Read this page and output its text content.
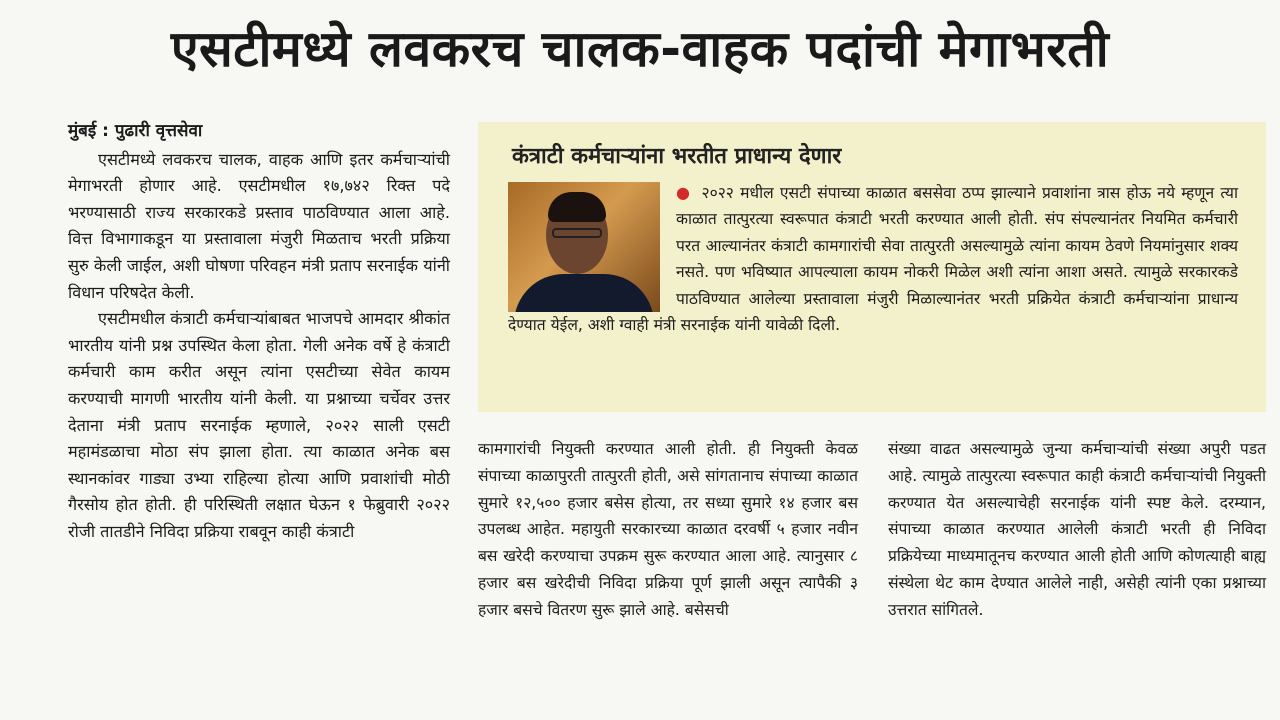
एसटीमध्ये लवकरच चालक-वाहक पदांची मेगाभरती
मुंबई : पुढारी वृत्तसेवा

एसटीमध्ये लवकरच चालक, वाहक आणि इतर कर्मचाऱ्यांची मेगाभरती होणार आहे. एसटीमधील १७,७४२ रिक्त पदे भरण्यासाठी राज्य सरकारकडे प्रस्ताव पाठविण्यात आला आहे. वित्त विभागाकडून या प्रस्तावाला मंजुरी मिळताच भरती प्रक्रिया सुरु केली जाईल, अशी घोषणा परिवहन मंत्री प्रताप सरनाईक यांनी विधान परिषदेत केली.

एसटीमधील कंत्राटी कर्मचाऱ्यांबाबत भाजपचे आमदार श्रीकांत भारतीय यांनी प्रश्न उपस्थित केला होता. गेली अनेक वर्षे हे कंत्राटी कर्मचारी काम करीत असून त्यांना एसटीच्या सेवेत कायम करण्याची मागणी भारतीय यांनी केली. या प्रश्नाच्या चर्चेवर उत्तर देताना मंत्री प्रताप सरनाईक म्हणाले, २०२२ साली एसटी महामंडळाचा मोठा संप झाला होता. त्या काळात अनेक बस स्थानकांवर गाड्या उभ्या राहिल्या होत्या आणि प्रवाशांची मोठी गैरसोय होत होती. ही परिस्थिती लक्षात घेऊन १ फेब्रुवारी २०२२ रोजी तातडीने निविदा प्रक्रिया राबवून काही कंत्राटी

कंत्राटी कर्मचाऱ्यांना भरतीत प्राधान्य देणार
● २०२२ मधील एसटी संपाच्या काळात बससेवा ठप्प झाल्याने प्रवाशांना त्रास होऊ नये म्हणून त्या काळात तात्पुरत्या स्वरूपात कंत्राटी भरती करण्यात आली होती. संप संपल्यानंतर नियमित कर्मचारी परत आल्यानंतर कंत्राटी कामगारांची सेवा तात्पुरती असल्यामुळे त्यांना कायम ठेवणे नियमांनुसार शक्य नसते. पण भविष्यात आपल्याला कायम नोकरी मिळेल अशी त्यांना आशा असते. त्यामुळे सरकारकडे पाठविण्यात आलेल्या प्रस्तावाला मंजुरी मिळाल्यानंतर भरती प्रक्रियेत कंत्राटी कर्मचाऱ्यांना प्राधान्य देण्यात येईल, अशी ग्वाही मंत्री सरनाईक यांनी यावेळी दिली.

कामगारांची नियुक्ती करण्यात आली होती. ही नियुक्ती केवळ संपाच्या काळापुरती तात्पुरती होती, असे सांगतानाच संपाच्या काळात सुमारे १२,५०० हजार बसेस होत्या, तर सध्या सुमारे १४ हजार बस उपलब्ध आहेत. महायुती सरकारच्या काळात दरवर्षी ५ हजार नवीन बस खरेदी करण्याचा उपक्रम सुरू करण्यात आला आहे. त्यानुसार ८ हजार बस खरेदीची निविदा प्रक्रिया पूर्ण झाली असून त्यापैकी ३ हजार बसचे वितरण सुरू झाले आहे. बसेसची

संख्या वाढत असल्यामुळे जुन्या कर्मचाऱ्यांची संख्या अपुरी पडत आहे. त्यामुळे तात्पुरत्या स्वरूपात काही कंत्राटी कर्मचाऱ्यांची नियुक्ती करण्यात येत असल्याचेही सरनाईक यांनी स्पष्ट केले. दरम्यान, संपाच्या काळात करण्यात आलेली कंत्राटी भरती ही निविदा प्रक्रियेच्या माध्यमातूनच करण्यात आली होती आणि कोणत्याही बाह्य संस्थेला थेट काम देण्यात आलेले नाही, असेही त्यांनी एका प्रश्नाच्या उत्तरात सांगितले.
